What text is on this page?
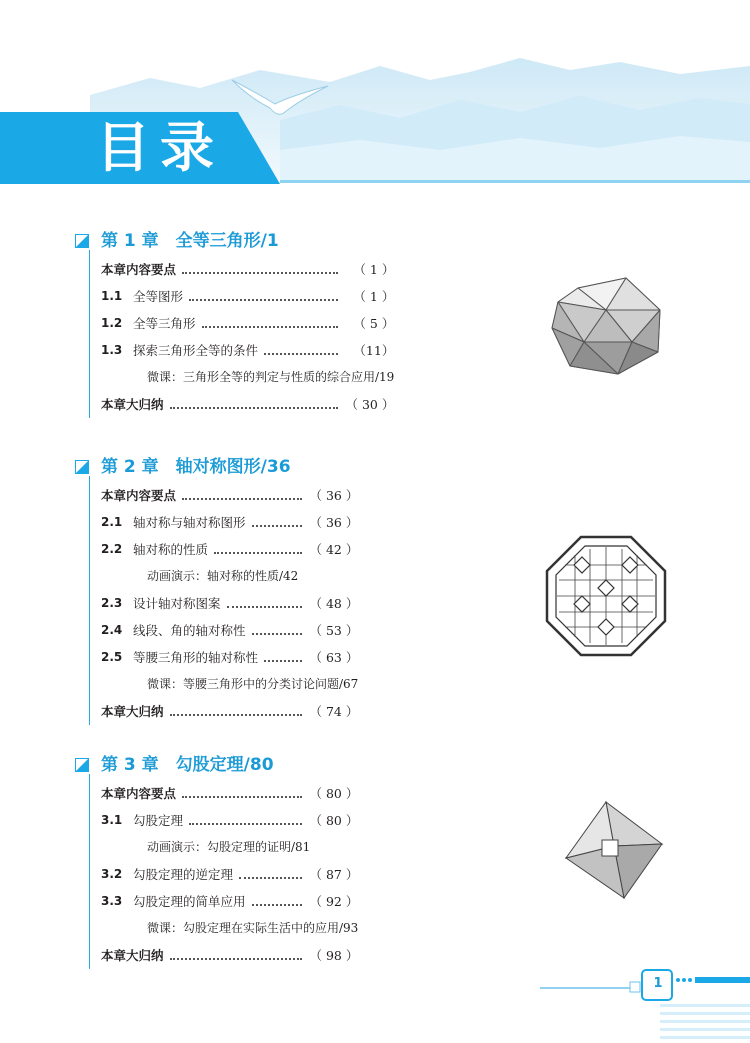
目录
第 1 章　全等三角形/1
本章内容要点	（ 1 ）
1.1 全等图形	（ 1 ）
1.2 全等三角形	（ 5 ）
1.3 探索三角形全等的条件	（11）
微课：三角形全等的判定与性质的综合应用/19
本章大归纳	（ 30 ）
第 2 章　轴对称图形/36
本章内容要点	（ 36 ）
2.1 轴对称与轴对称图形	（ 36 ）
2.2 轴对称的性质	（ 42 ）
动画演示：轴对称的性质/42
2.3 设计轴对称图案	（ 48 ）
2.4 线段、角的轴对称性	（ 53 ）
2.5 等腰三角形的轴对称性	（ 63 ）
微课：等腰三角形中的分类讨论问题/67
本章大归纳	（ 74 ）
第 3 章　勾股定理/80
本章内容要点	（ 80 ）
3.1 勾股定理	（ 80 ）
动画演示：勾股定理的证明/81
3.2 勾股定理的逆定理	（ 87 ）
3.3 勾股定理的简单应用	（ 92 ）
微课：勾股定理在实际生活中的应用/93
本章大归纳	（ 98 ）
1
